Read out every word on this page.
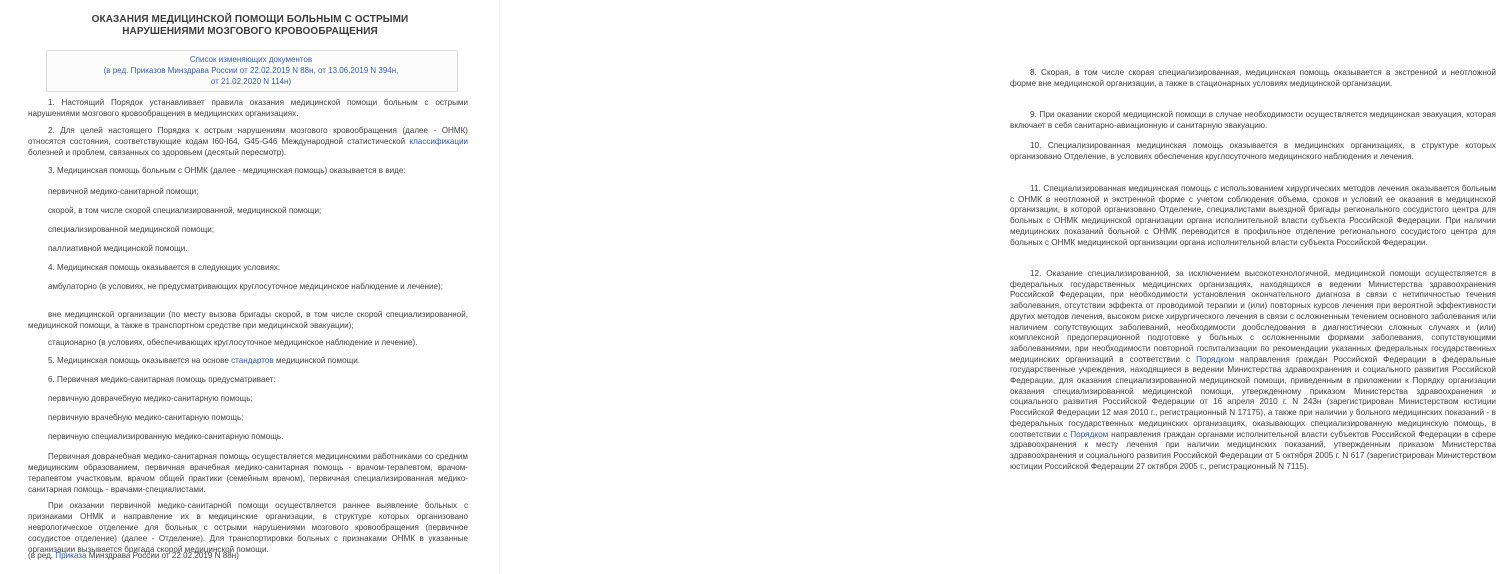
ОКАЗАНИЯ МЕДИЦИНСКОЙ ПОМОЩИ БОЛЬНЫМ С ОСТРЫМИ НАРУШЕНИЯМИ МОЗГОВОГО КРОВООБРАЩЕНИЯ
Список изменяющих документов
(в ред. Приказов Минздрава России от 22.02.2019 N 88н, от 13.06.2019 N 394н,
от 21.02.2020 N 114н)
1. Настоящий Порядок устанавливает правила оказания медицинской помощи больным с острыми нарушениями мозгового кровообращения в медицинских организациях.
2. Для целей настоящего Порядка к острым нарушениям мозгового кровообращения (далее - ОНМК) относятся состояния, соответствующие кодам I60-I64, G45-G46 Международной статистической классификации болезней и проблем, связанных со здоровьем (десятый пересмотр).
3. Медицинская помощь больным с ОНМК (далее - медицинская помощь) оказывается в виде:
первичной медико-санитарной помощи;
скорой, в том числе скорой специализированной, медицинской помощи;
специализированной медицинской помощи;
паллиативной медицинской помощи.
4. Медицинская помощь оказывается в следующих условиях:
амбулаторно (в условиях, не предусматривающих круглосуточное медицинское наблюдение и лечение);
вне медицинской организации (по месту вызова бригады скорой, в том числе скорой специализированной, медицинской помощи, а также в транспортном средстве при медицинской эвакуации);
стационарно (в условиях, обеспечивающих круглосуточное медицинское наблюдение и лечение).
5. Медицинская помощь оказывается на основе стандартов медицинской помощи.
6. Первичная медико-санитарная помощь предусматривает:
первичную доврачебную медико-санитарную помощь;
первичную врачебную медико-санитарную помощь;
первичную специализированную медико-санитарную помощь.
Первичная доврачебная медико-санитарная помощь осуществляется медицинскими работниками со средним медицинским образованием, первичная врачебная медико-санитарная помощь - врачом-терапевтом, врачом-терапевтом участковым, врачом общей практики (семейным врачом), первичная специализированная медико-санитарная помощь - врачами-специалистами.
При оказании первичной медико-санитарной помощи осуществляется раннее выявление больных с признаками ОНМК и направление их в медицинские организации, в структуре которых организовано неврологическое отделение для больных с острыми нарушениями мозгового кровообращения (первичное сосудистое отделение) (далее - Отделение). Для транспортировки больных с признаками ОНМК в указанные организации вызывается бригада скорой медицинской помощи.
(в ред. Приказа Минздрава России от 22.02.2019 N 88н)
8. Скорая, в том числе скорая специализированная, медицинская помощь оказывается в экстренной и неотложной форме вне медицинской организации, а также в стационарных условиях медицинской организации.
9. При оказании скорой медицинской помощи в случае необходимости осуществляется медицинская эвакуация, которая включает в себя санитарно-авиационную и санитарную эвакуацию.
10. Специализированная медицинская помощь оказывается в медицинских организациях, в структуре которых организовано Отделение, в условиях обеспечения круглосуточного медицинского наблюдения и лечения.
11. Специализированная медицинская помощь с использованием хирургических методов лечения оказывается больным с ОНМК в неотложной и экстренной форме с учетом соблюдения объема, сроков и условий ее оказания в медицинской организации, в которой организовано Отделение, специалистами выездной бригады регионального сосудистого центра для больных с ОНМК медицинской организации органа исполнительной власти субъекта Российской Федерации. При наличии медицинских показаний больной с ОНМК переводится в профильное отделение регионального сосудистого центра для больных с ОНМК медицинской организации органа исполнительной власти субъекта Российской Федерации.
12. Оказание специализированной, за исключением высокотехнологичной, медицинской помощи осуществляется в федеральных государственных медицинских организациях, находящихся в ведении Министерства здравоохранения Российской Федерации, при необходимости установления окончательного диагноза в связи с нетипичностью течения заболевания, отсутствии эффекта от проводимой терапии и (или) повторных курсов лечения при вероятной эффективности других методов лечения, высоком риске хирургического лечения в связи с осложненным течением основного заболевания или наличием сопутствующих заболеваний, необходимости дообследования в диагностически сложных случаях и (или) комплексной предоперационной подготовке у больных с осложненными формами заболевания, сопутствующими заболеваниями, при необходимости повторной госпитализации по рекомендации указанных федеральных государственных медицинских организаций в соответствии с Порядком направления граждан Российской Федерации в федеральные государственные учреждения, находящиеся в ведении Министерства здравоохранения и социального развития Российской Федерации, для оказания специализированной медицинской помощи, приведенным в приложении к Порядку организации оказания специализированной медицинской помощи, утвержденному приказом Министерства здравоохранения и социального развития Российской Федерации от 16 апреля 2010 г. N 243н (зарегистрирован Министерством юстиции Российской Федерации 12 мая 2010 г., регистрационный N 17175), а также при наличии у больного медицинских показаний - в федеральных государственных медицинских организациях, оказывающих специализированную медицинскую помощь, в соответствии с Порядком направления граждан органами исполнительной власти субъектов Российской Федерации в сфере здравоохранения к месту лечения при наличии медицинских показаний, утвержденным приказом Министерства здравоохранения и социального развития Российской Федерации от 5 октября 2005 г. N 617 (зарегистрирован Министерством юстиции Российской Федерации 27 октября 2005 г., регистрационный N 7115).
